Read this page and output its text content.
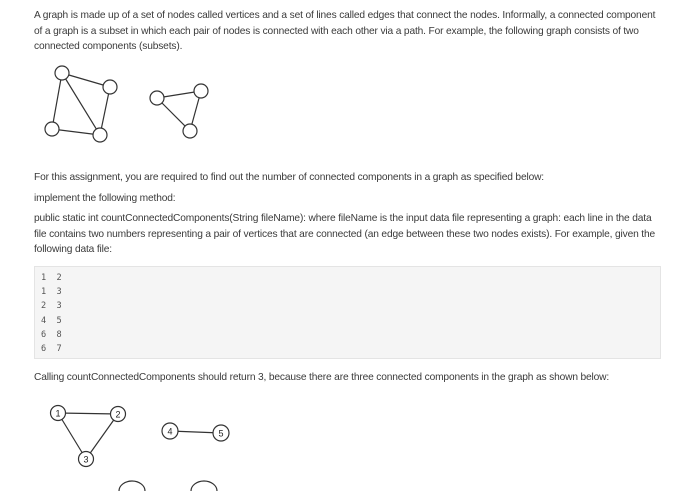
A graph is made up of a set of nodes called vertices and a set of lines called edges that connect the nodes. Informally, a connected component of a graph is a subset in which each pair of nodes is connected with each other via a path. For example, the following graph consists of two connected components (subsets).
For this assignment, you are required to find out the number of connected components in a graph as specified below:
implement the following method:
public static int countConnectedComponents(String fileName): where fileName is the input data file representing a graph: each line in the data file contains two numbers representing a pair of vertices that are connected (an edge between these two nodes exists). For example, given the following data file:
1  2
1  3
2  3
4  5
6  8
6  7
Calling countConnectedComponents should return 3, because there are three connected components in the graph as shown below:
1	2
3
4	5
